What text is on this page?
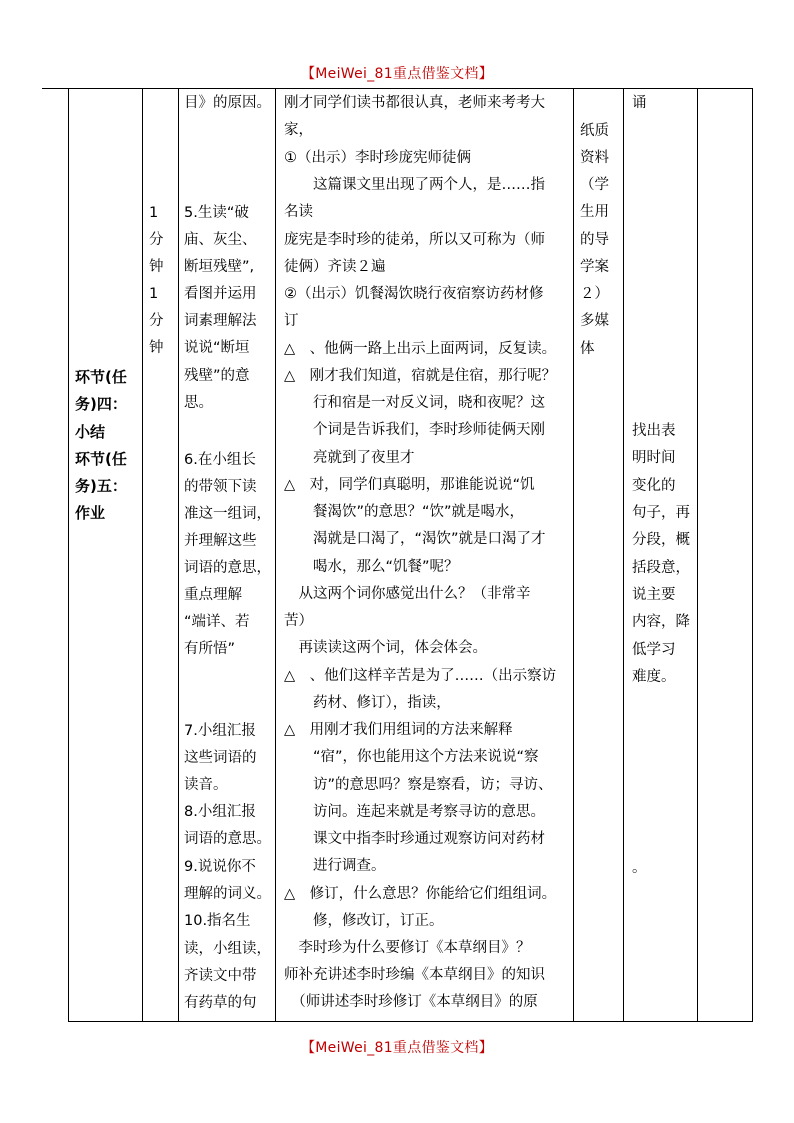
【MeiWei_81重点借鉴文档】
环节(任
务)四：
小结
环节(任
务)五：
作业

1
分
钟
1
分
钟

目》的原因。
5.生读“破
庙、灰尘、
断垣残壁”,
看图并运用
词素理解法
说说“断垣
残壁”的意
思。
6.在小组长
的带领下读
准这一组词，
并理解这些
词语的意思，
重点理解
“端详、若
有所悟”
7.小组汇报
这些词语的
读音。
8.小组汇报
词语的意思。
9.说说你不
理解的词义。
10.指名生
读，小组读，
齐读文中带
有药草的句

刚才同学们读书都很认真，老师来考考大
家，
①（出示）李时珍庞宪师徒俩
　　这篇课文里出现了两个人，是……指
名读
庞宪是李时珍的徒弟，所以又可称为（师
徒俩）齐读２遍
②（出示）饥餐渴饮晓行夜宿察访药材修
订
△　、他俩一路上出示上面两词，反复读。
△　刚才我们知道，宿就是住宿，那行呢？
　　行和宿是一对反义词，晓和夜呢？这
　　个词是告诉我们，李时珍师徒俩天刚
　　亮就到了夜里才
△　对，同学们真聪明，那谁能说说“饥
　　餐渴饮”的意思？“饮”就是喝水，
　　渴就是口渴了，“渴饮”就是口渴了才
　　喝水，那么“饥餐”呢？
　从这两个词你感觉出什么？（非常辛
苦）
　再读读这两个词，体会体会。
△　、他们这样辛苦是为了……（出示察访
　　药材、修订），指读，
△　用刚才我们用组词的方法来解释
　　“宿”，你也能用这个方法来说说“察
　　访”的意思吗？察是察看，访；寻访、
　　访问。连起来就是考察寻访的意思。
　　课文中指李时珍通过观察访问对药材
　　进行调查。
△　修订，什么意思？你能给它们组组词。
　　修，修改订，订正。
　李时珍为什么要修订《本草纲目》？
师补充讲述李时珍编《本草纲目》的知识
　（师讲述李时珍修订《本草纲目》的原

纸质
资料
（学
生用
的导
学案
２）
多媒
体

诵
找出表
明时间
变化的
句子，再
分段，概
括段意，
说主要
内容，降
低学习
难度。
。

【MeiWei_81重点借鉴文档】
